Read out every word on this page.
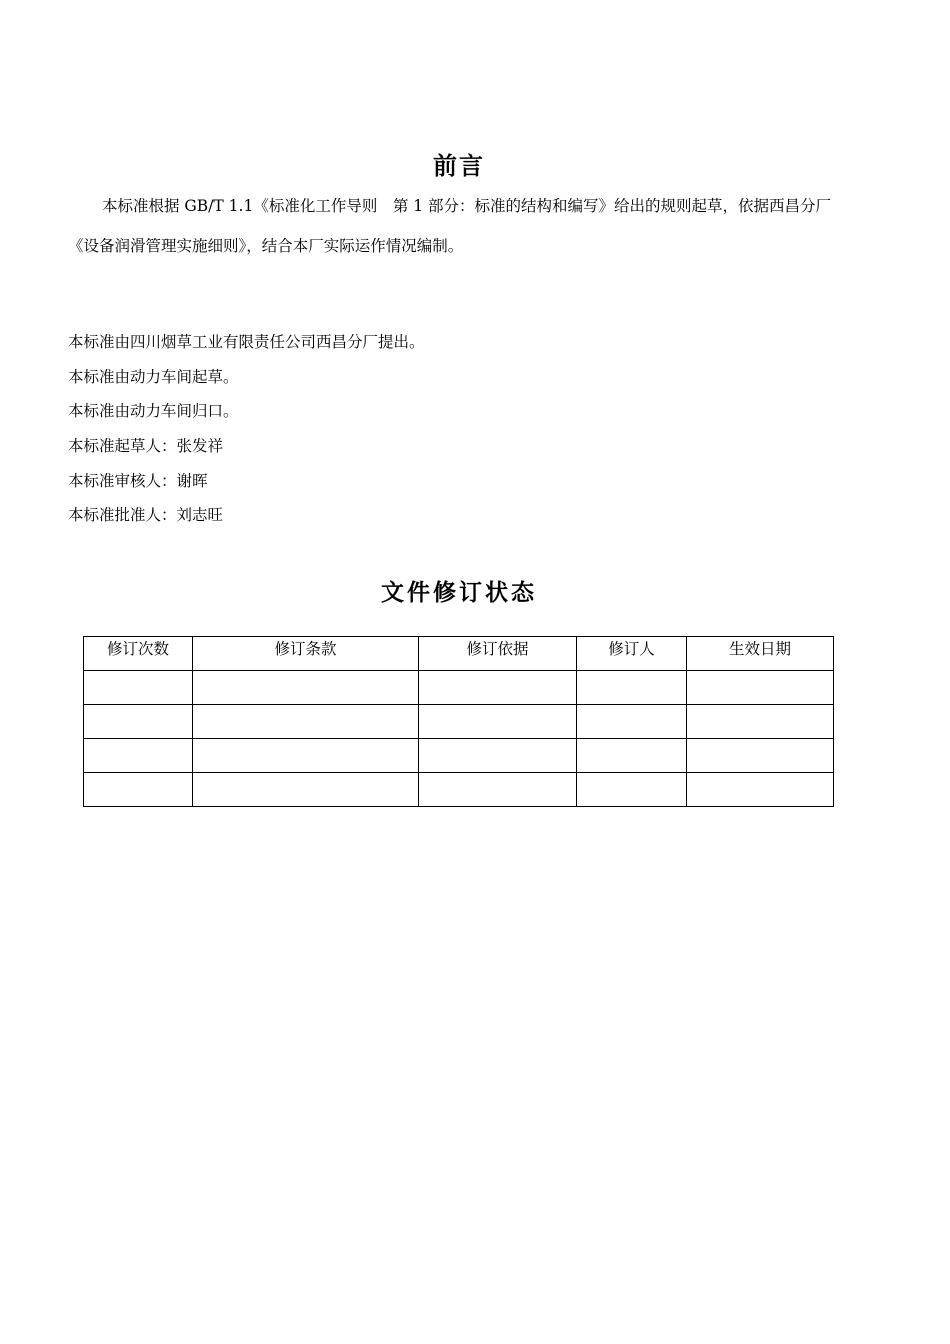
前言

本标准根据 GB/T 1.1《标准化工作导则　第 1 部分：标准的结构和编写》给出的规则起草，依据西昌分厂《设备润滑管理实施细则》，结合本厂实际运作情况编制。

本标准由四川烟草工业有限责任公司西昌分厂提出。

本标准由动力车间起草。

本标准由动力车间归口。

本标准起草人：张发祥

本标准审核人：谢晖

本标准批准人：刘志旺

文件修订状态
修订次数	修订条款	修订依据	修订人	生效日期
